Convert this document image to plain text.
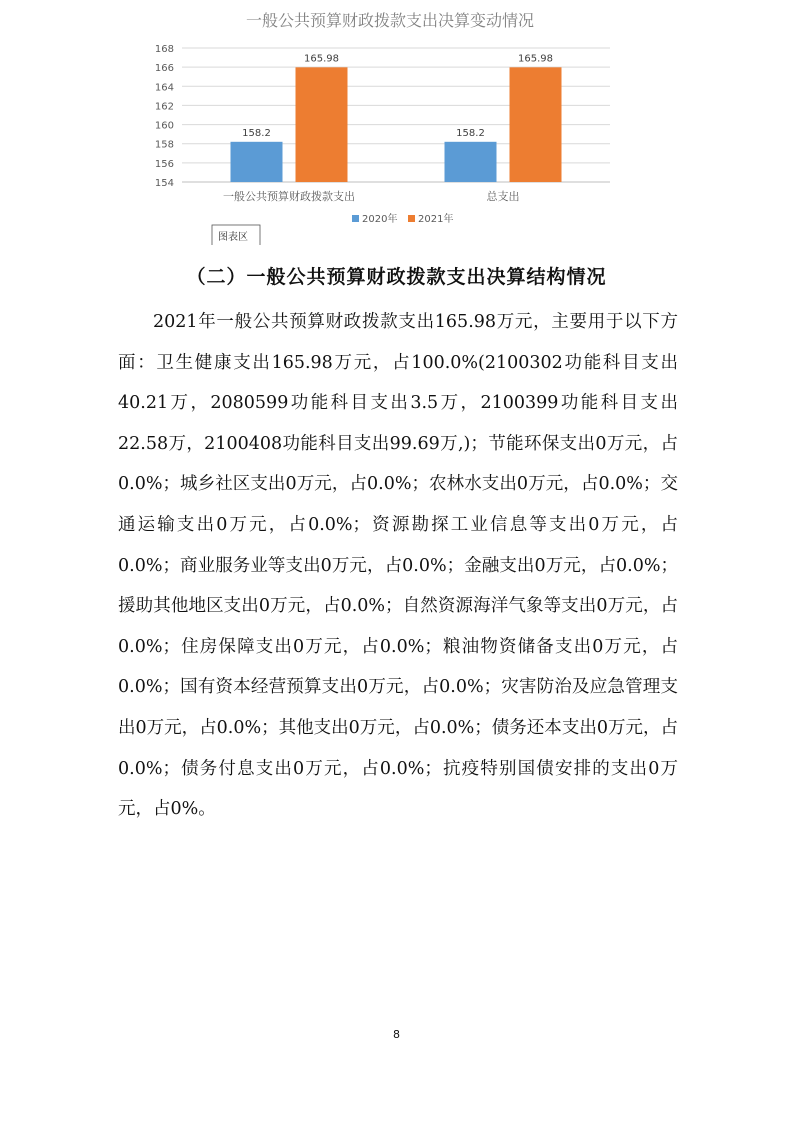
一般公共预算财政拨款支出决算变动情况
154
156
158
160
162
164
166
168
158.2
165.98
158.2
165.98
一般公共预算财政拨款支出	总支出
2020年 2021年
图表区
（二）一般公共预算财政拨款支出决算结构情况
2021年一般公共预算财政拨款支出165.98万元，主要用于以下方面：卫生健康支出165.98万元，占100.0%(2100302功能科目支出40.21万，2080599功能科目支出3.5万，2100399功能科目支出22.58万，2100408功能科目支出99.69万,)；节能环保支出0万元，占0.0%；城乡社区支出0万元，占0.0%；农林水支出0万元，占0.0%；交通运输支出0万元，占0.0%；资源勘探工业信息等支出0万元，占0.0%；商业服务业等支出0万元，占0.0%；金融支出0万元，占0.0%；援助其他地区支出0万元，占0.0%；自然资源海洋气象等支出0万元，占0.0%；住房保障支出0万元，占0.0%；粮油物资储备支出0万元，占0.0%；国有资本经营预算支出0万元，占0.0%；灾害防治及应急管理支出0万元，占0.0%；其他支出0万元，占0.0%；债务还本支出0万元，占0.0%；债务付息支出0万元，占0.0%；抗疫特别国债安排的支出0万元，占0%。
8
